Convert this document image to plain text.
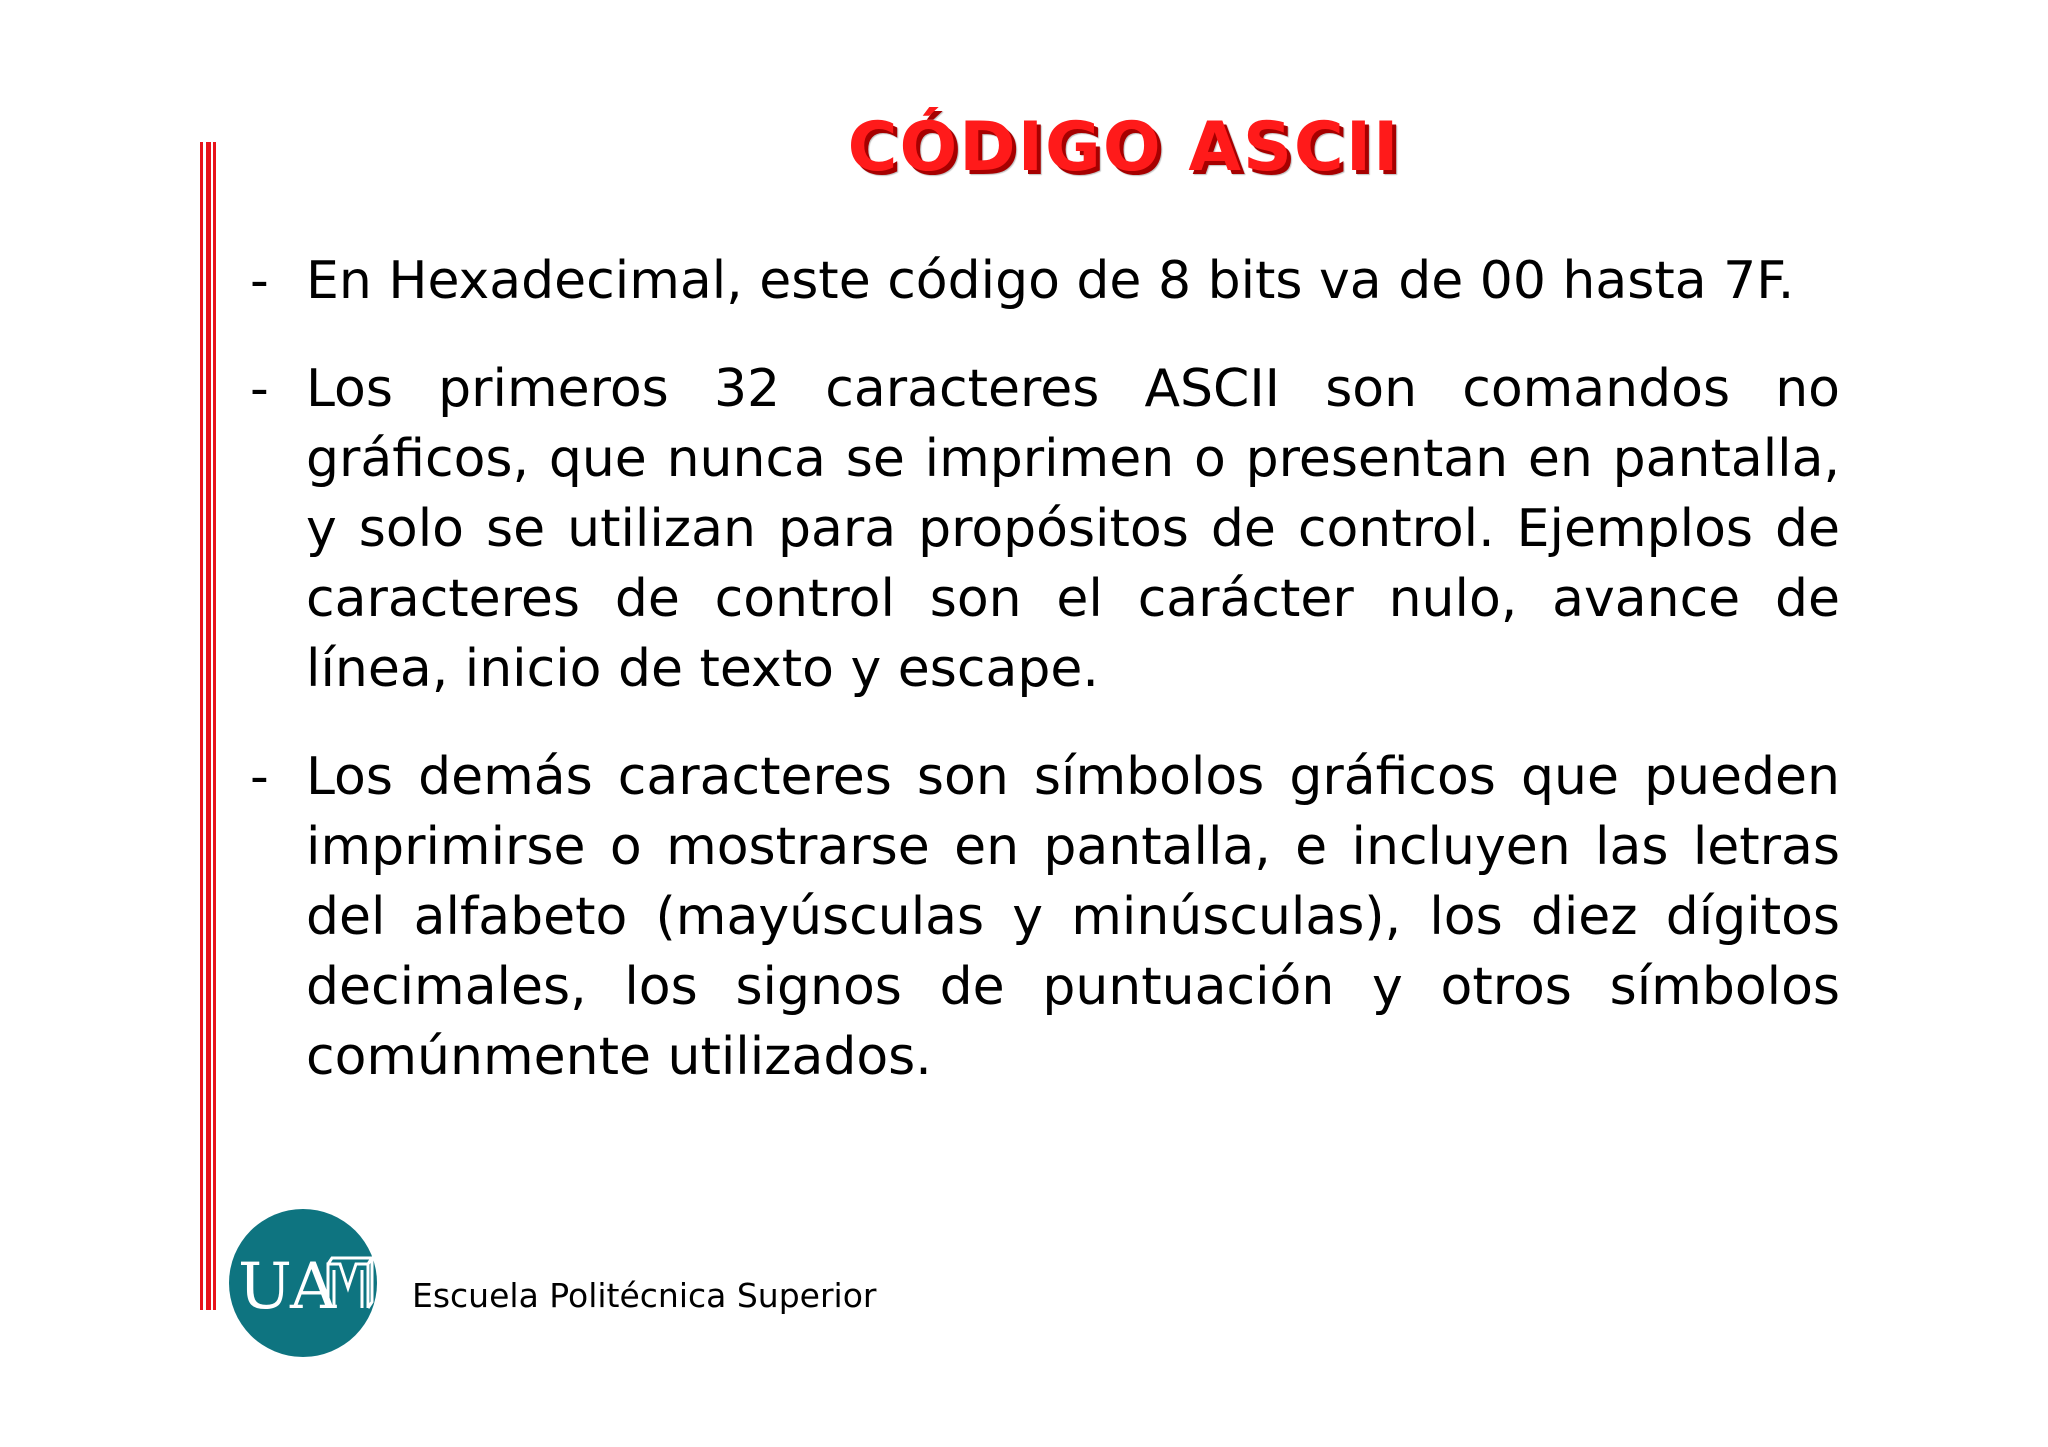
CÓDIGO ASCII
- En Hexadecimal, este código de 8 bits va de 00 hasta 7F.
- Los primeros 32 caracteres ASCII son comandos no gráficos, que nunca se imprimen o presentan en pantalla, y solo se utilizan para propósitos de control. Ejemplos de caracteres de control son el carácter nulo, avance de línea, inicio de texto y escape.
- Los demás caracteres son símbolos gráficos que pueden imprimirse o mostrarse en pantalla, e incluyen las letras del alfabeto (mayúsculas y minúsculas), los diez dígitos decimales, los signos de puntuación y otros símbolos comúnmente utilizados.
UA Escuela Politécnica Superior
